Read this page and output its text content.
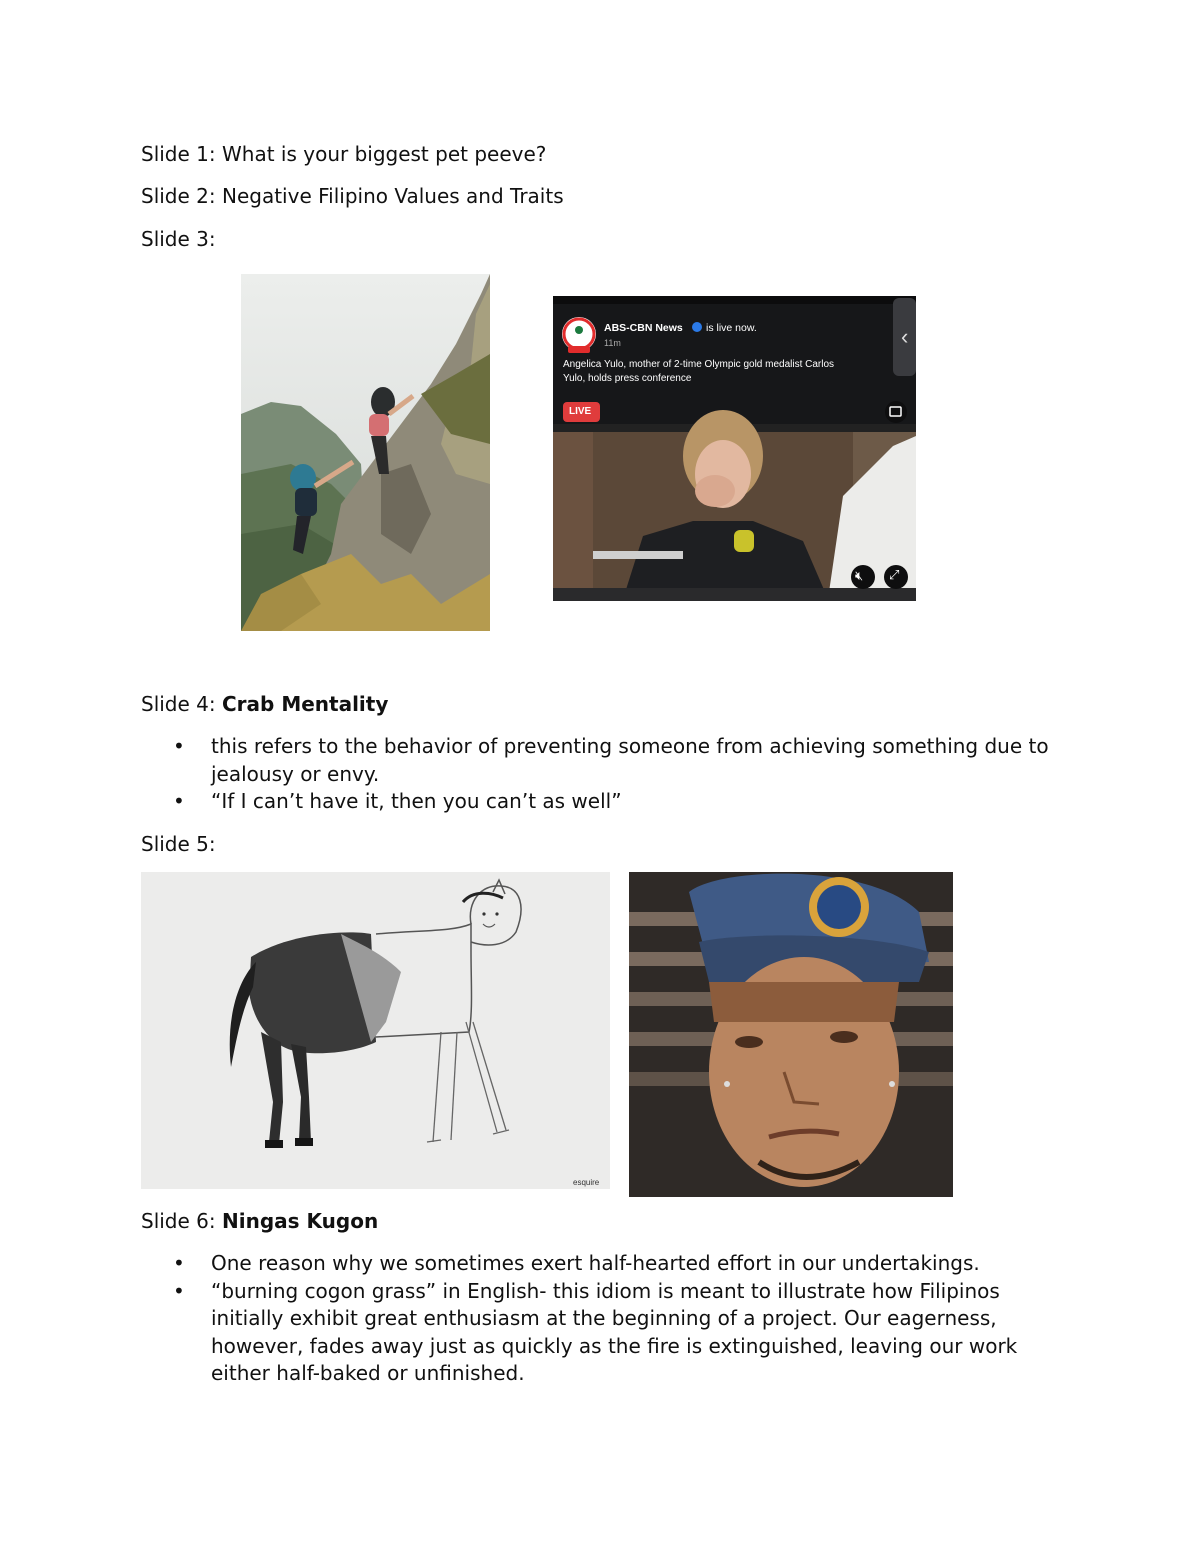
Slide 1: What is your biggest pet peeve?
Slide 2: Negative Filipino Values and Traits
Slide 3:
ABS-CBN News is live now.
11m
Angelica Yulo, mother of 2-time Olympic gold medalist Carlos
Yulo, holds press conference
LIVE
‹
🔇︎ ⤢
Slide 4: Crab Mentality
• this refers to the behavior of preventing someone from achieving something due to jealousy or envy.
• “If I can’t have it, then you can’t as well”
Slide 5:
esquire
Slide 6: Ningas Kugon
• One reason why we sometimes exert half-hearted effort in our undertakings.
• “burning cogon grass” in English- this idiom is meant to illustrate how Filipinos initially exhibit great enthusiasm at the beginning of a project. Our eagerness, however, fades away just as quickly as the fire is extinguished, leaving our work either half-baked or unfinished.
